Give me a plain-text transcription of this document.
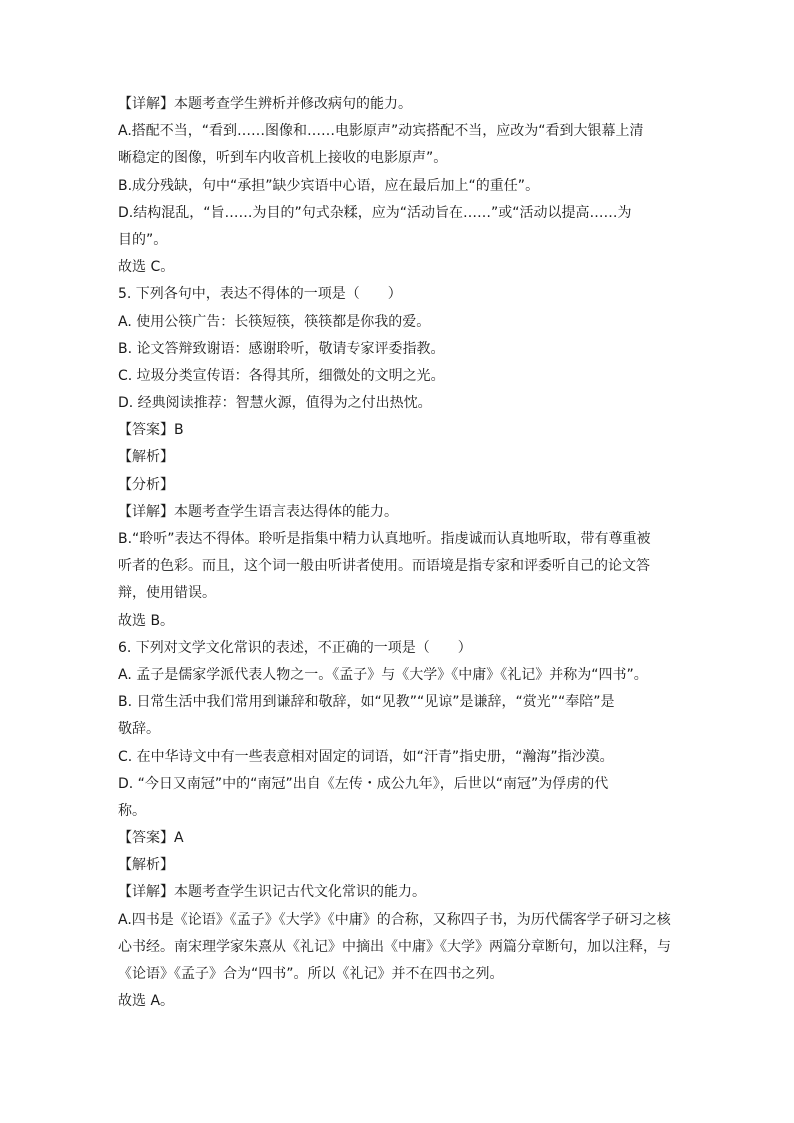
【详解】本题考查学生辨析并修改病句的能力。
A.搭配不当，“看到……图像和……电影原声”动宾搭配不当，应改为“看到大银幕上清
晰稳定的图像，听到车内收音机上接收的电影原声”。
B.成分残缺，句中“承担”缺少宾语中心语，应在最后加上“的重任”。
D.结构混乱，“旨……为目的”句式杂糅，应为“活动旨在……”或“活动以提高……为
目的”。
故选 C。
5. 下列各句中，表达不得体的一项是（　　）
A. 使用公筷广告：长筷短筷，筷筷都是你我的爱。
B. 论文答辩致谢语：感谢聆听，敬请专家评委指教。
C. 垃圾分类宣传语：各得其所，细微处的文明之光。
D. 经典阅读推荐：智慧火源，值得为之付出热忱。
【答案】B
【解析】
【分析】
【详解】本题考查学生语言表达得体的能力。
B.“聆听”表达不得体。聆听是指集中精力认真地听。指虔诚而认真地听取，带有尊重被
听者的色彩。而且，这个词一般由听讲者使用。而语境是指专家和评委听自己的论文答
辩，使用错误。
故选 B。
6. 下列对文学文化常识的表述，不正确的一项是（　　）
A. 孟子是儒家学派代表人物之一。《孟子》与《大学》《中庸》《礼记》并称为“四书”。
B. 日常生活中我们常用到谦辞和敬辞，如“见教”“见谅”是谦辞，“赏光”“奉陪”是
敬辞。
C. 在中华诗文中有一些表意相对固定的词语，如“汗青”指史册，“瀚海”指沙漠。
D. “今日又南冠”中的“南冠”出自《左传・成公九年》，后世以“南冠”为俘虏的代
称。
【答案】A
【解析】
【详解】本题考查学生识记古代文化常识的能力。
A.四书是《论语》《孟子》《大学》《中庸》的合称，又称四子书，为历代儒客学子研习之核
心书经。南宋理学家朱熹从《礼记》中摘出《中庸》《大学》两篇分章断句，加以注释，与
《论语》《孟子》合为“四书”。所以《礼记》并不在四书之列。
故选 A。
